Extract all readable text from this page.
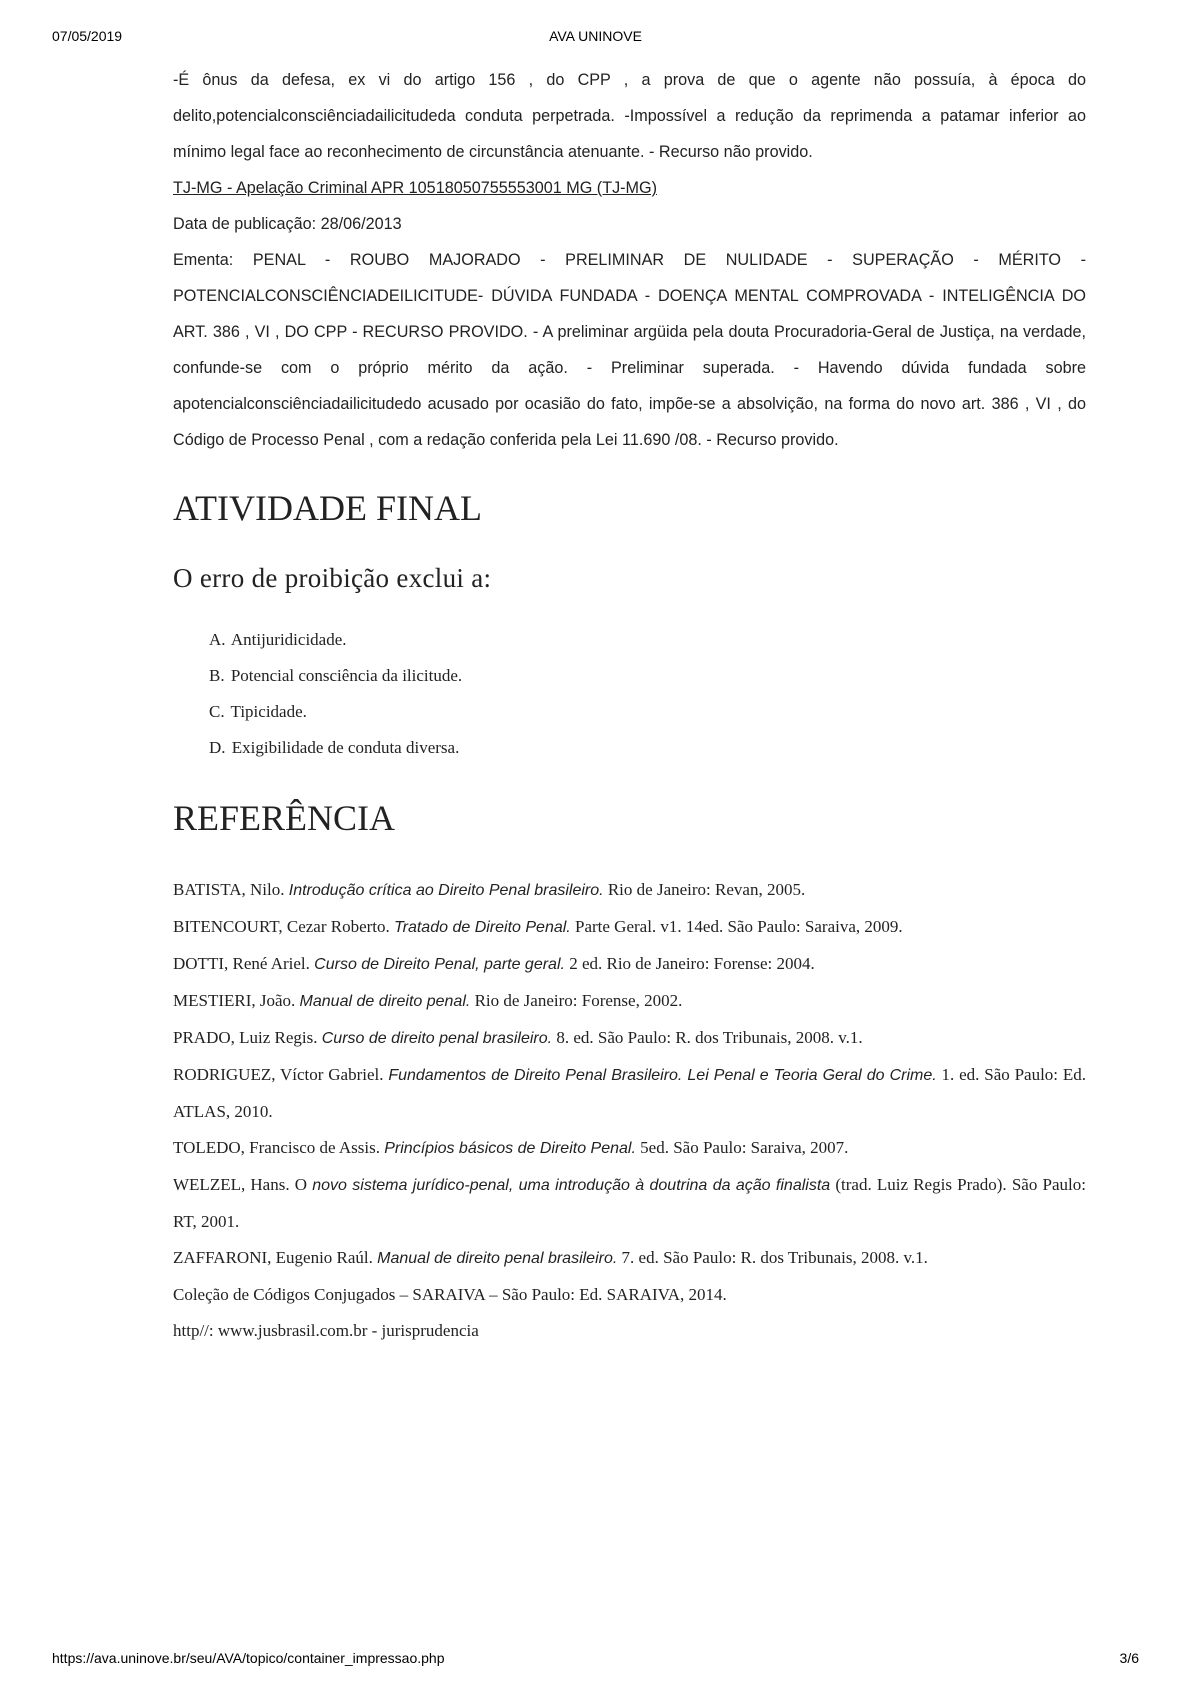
07/05/2019	AVA UNINOVE

-É ônus da defesa, ex vi do artigo 156 , do CPP , a prova de que o agente não possuía, à época do delito,potencialconsciênciadailicitudeda conduta perpetrada. -Impossível a redução da reprimenda a patamar inferior ao mínimo legal face ao reconhecimento de circunstância atenuante. - Recurso não provido.

TJ-MG - Apelação Criminal APR 10518050755553001 MG (TJ-MG)

Data de publicação: 28/06/2013

Ementa: PENAL - ROUBO MAJORADO - PRELIMINAR DE NULIDADE - SUPERAÇÃO - MÉRITO - POTENCIALCONSCIÊNCIADEILICITUDE- DÚVIDA FUNDADA - DOENÇA MENTAL COMPROVADA - INTELIGÊNCIA DO ART. 386 , VI , DO CPP - RECURSO PROVIDO. - A preliminar argüida pela douta Procuradoria-Geral de Justiça, na verdade, confunde-se com o próprio mérito da ação. - Preliminar superada. - Havendo dúvida fundada sobre apotencialconsciênciadailicitudedo acusado por ocasião do fato, impõe-se a absolvição, na forma do novo art. 386 , VI , do Código de Processo Penal , com a redação conferida pela Lei 11.690 /08. - Recurso provido.

ATIVIDADE FINAL
O erro de proibição exclui a:
A. Antijuridicidade.
B. Potencial consciência da ilicitude.
C. Tipicidade.
D. Exigibilidade de conduta diversa.
REFERÊNCIA

BATISTA, Nilo. Introdução crítica ao Direito Penal brasileiro. Rio de Janeiro: Revan, 2005.

BITENCOURT, Cezar Roberto. Tratado de Direito Penal. Parte Geral. v1. 14ed. São Paulo: Saraiva, 2009.

DOTTI, René Ariel. Curso de Direito Penal, parte geral. 2 ed. Rio de Janeiro: Forense: 2004.

MESTIERI, João. Manual de direito penal. Rio de Janeiro: Forense, 2002.

PRADO, Luiz Regis. Curso de direito penal brasileiro. 8. ed. São Paulo: R. dos Tribunais, 2008. v.1.

RODRIGUEZ, Víctor Gabriel. Fundamentos de Direito Penal Brasileiro. Lei Penal e Teoria Geral do Crime. 1. ed. São Paulo: Ed. ATLAS, 2010.

TOLEDO, Francisco de Assis. Princípios básicos de Direito Penal. 5ed. São Paulo: Saraiva, 2007.

WELZEL, Hans. O novo sistema jurídico-penal, uma introdução à doutrina da ação finalista (trad. Luiz Regis Prado). São Paulo: RT, 2001.

ZAFFARONI, Eugenio Raúl. Manual de direito penal brasileiro. 7. ed. São Paulo: R. dos Tribunais, 2008. v.1.

Coleção de Códigos Conjugados – SARAIVA – São Paulo: Ed. SARAIVA, 2014.

http//: www.jusbrasil.com.br - jurisprudencia

https://ava.uninove.br/seu/AVA/topico/container_impressao.php	3/6
